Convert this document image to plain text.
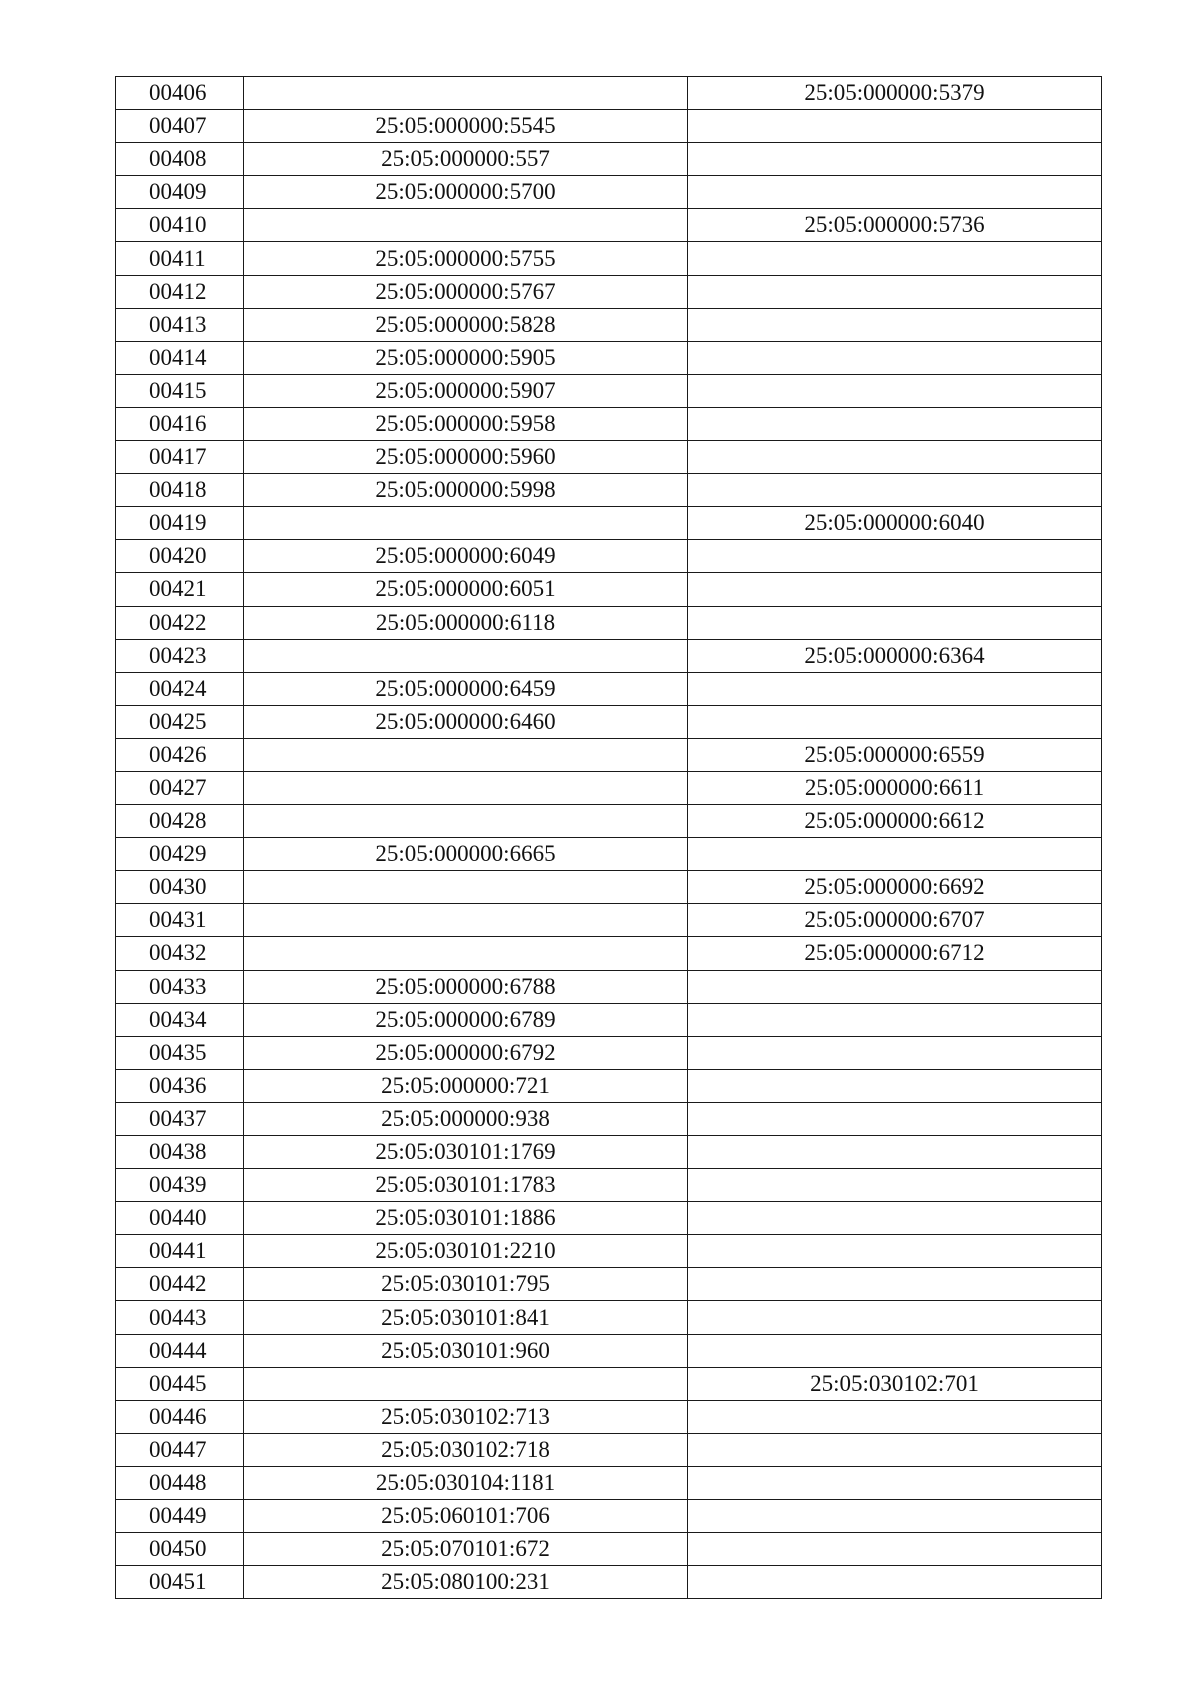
00406		25:05:000000:5379
00407	25:05:000000:5545	
00408	25:05:000000:557	
00409	25:05:000000:5700	
00410		25:05:000000:5736
00411	25:05:000000:5755	
00412	25:05:000000:5767	
00413	25:05:000000:5828	
00414	25:05:000000:5905	
00415	25:05:000000:5907	
00416	25:05:000000:5958	
00417	25:05:000000:5960	
00418	25:05:000000:5998	
00419		25:05:000000:6040
00420	25:05:000000:6049	
00421	25:05:000000:6051	
00422	25:05:000000:6118	
00423		25:05:000000:6364
00424	25:05:000000:6459	
00425	25:05:000000:6460	
00426		25:05:000000:6559
00427		25:05:000000:6611
00428		25:05:000000:6612
00429	25:05:000000:6665	
00430		25:05:000000:6692
00431		25:05:000000:6707
00432		25:05:000000:6712
00433	25:05:000000:6788	
00434	25:05:000000:6789	
00435	25:05:000000:6792	
00436	25:05:000000:721	
00437	25:05:000000:938	
00438	25:05:030101:1769	
00439	25:05:030101:1783	
00440	25:05:030101:1886	
00441	25:05:030101:2210	
00442	25:05:030101:795	
00443	25:05:030101:841	
00444	25:05:030101:960	
00445		25:05:030102:701
00446	25:05:030102:713	
00447	25:05:030102:718	
00448	25:05:030104:1181	
00449	25:05:060101:706	
00450	25:05:070101:672	
00451	25:05:080100:231	
